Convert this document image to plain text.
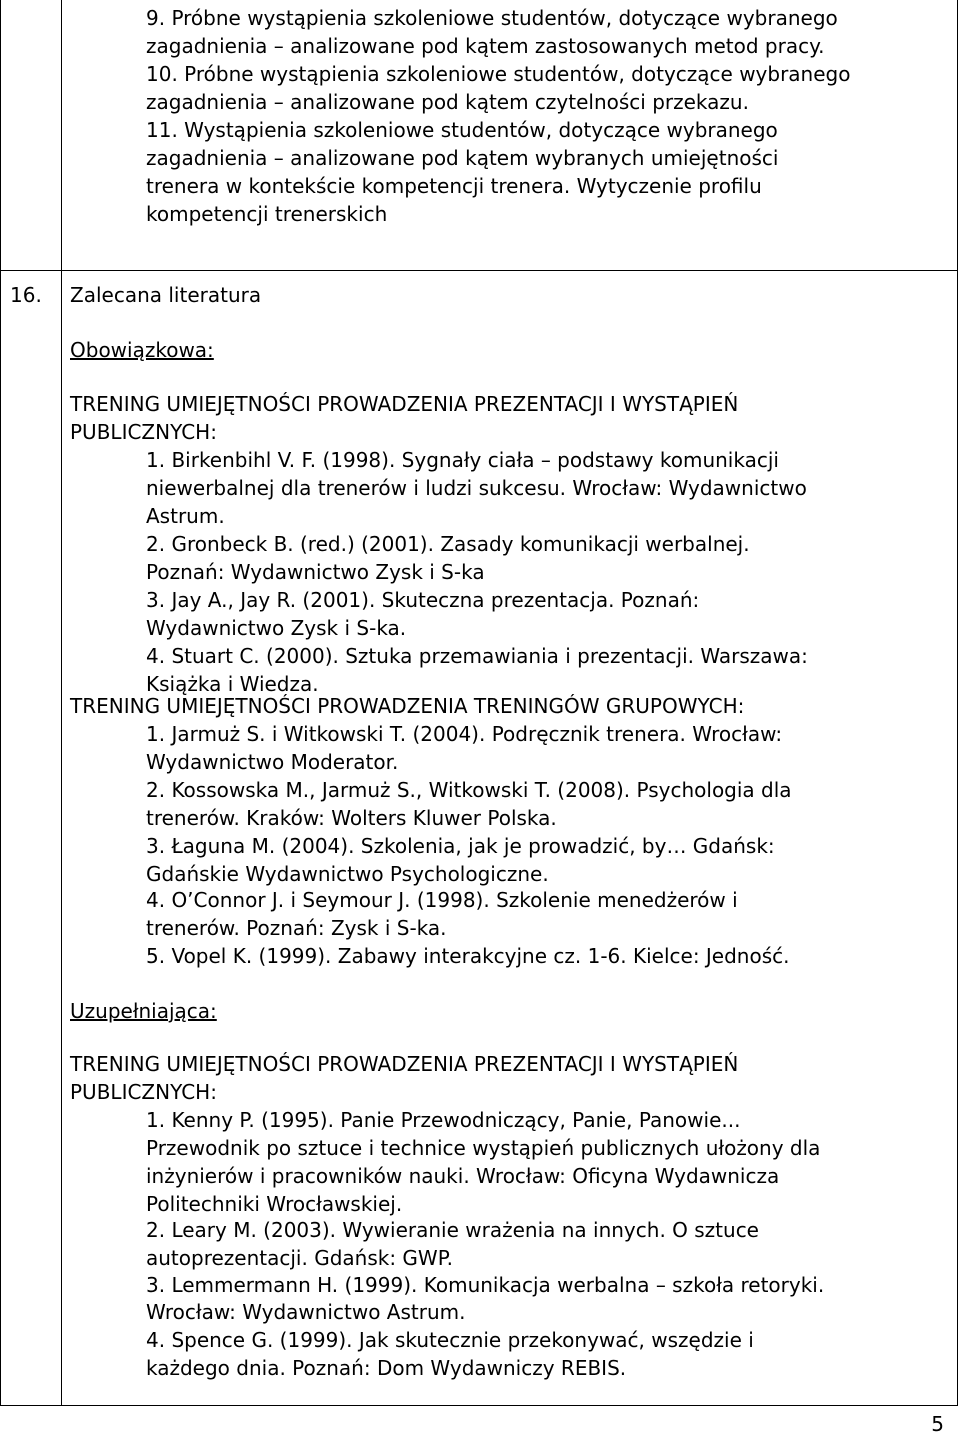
9. Próbne wystąpienia szkoleniowe studentów, dotyczące wybranego
zagadnienia – analizowane pod kątem zastosowanych metod pracy.
10. Próbne wystąpienia szkoleniowe studentów, dotyczące wybranego
zagadnienia – analizowane pod kątem czytelności przekazu.
11. Wystąpienia szkoleniowe studentów, dotyczące wybranego
zagadnienia – analizowane pod kątem wybranych umiejętności
trenera w kontekście kompetencji trenera. Wytyczenie profilu
kompetencji trenerskich
16. Zalecana literatura
Obowiązkowa:
TRENING UMIEJĘTNOŚCI PROWADZENIA PREZENTACJI I WYSTĄPIEŃ
PUBLICZNYCH:
1. Birkenbihl V. F. (1998). Sygnały ciała – podstawy komunikacji
niewerbalnej dla trenerów i ludzi sukcesu. Wrocław: Wydawnictwo
Astrum.
2. Gronbeck B. (red.) (2001). Zasady komunikacji werbalnej.
Poznań: Wydawnictwo Zysk i S-ka
3. Jay A., Jay R. (2001). Skuteczna prezentacja. Poznań:
Wydawnictwo Zysk i S-ka.
4. Stuart C. (2000). Sztuka przemawiania i prezentacji. Warszawa:
Książka i Wiedza.
TRENING UMIEJĘTNOŚCI PROWADZENIA TRENINGÓW GRUPOWYCH:
1. Jarmuż S. i Witkowski T. (2004). Podręcznik trenera. Wrocław:
Wydawnictwo Moderator.
2. Kossowska M., Jarmuż S., Witkowski T. (2008). Psychologia dla
trenerów. Kraków: Wolters Kluwer Polska.
3. Łaguna M. (2004). Szkolenia, jak je prowadzić, by… Gdańsk:
Gdańskie Wydawnictwo Psychologiczne.
4. O’Connor J. i Seymour J. (1998). Szkolenie menedżerów i
trenerów. Poznań: Zysk i S-ka.
5. Vopel K. (1999). Zabawy interakcyjne cz. 1-6. Kielce: Jedność.
Uzupełniająca:
TRENING UMIEJĘTNOŚCI PROWADZENIA PREZENTACJI I WYSTĄPIEŃ
PUBLICZNYCH:
1. Kenny P. (1995). Panie Przewodniczący, Panie, Panowie...
Przewodnik po sztuce i technice wystąpień publicznych ułożony dla
inżynierów i pracowników nauki. Wrocław: Oficyna Wydawnicza
Politechniki Wrocławskiej.
2. Leary M. (2003). Wywieranie wrażenia na innych. O sztuce
autoprezentacji. Gdańsk: GWP.
3. Lemmermann H. (1999). Komunikacja werbalna – szkoła retoryki.
Wrocław: Wydawnictwo Astrum.
4. Spence G. (1999). Jak skutecznie przekonywać, wszędzie i
każdego dnia. Poznań: Dom Wydawniczy REBIS.
5
